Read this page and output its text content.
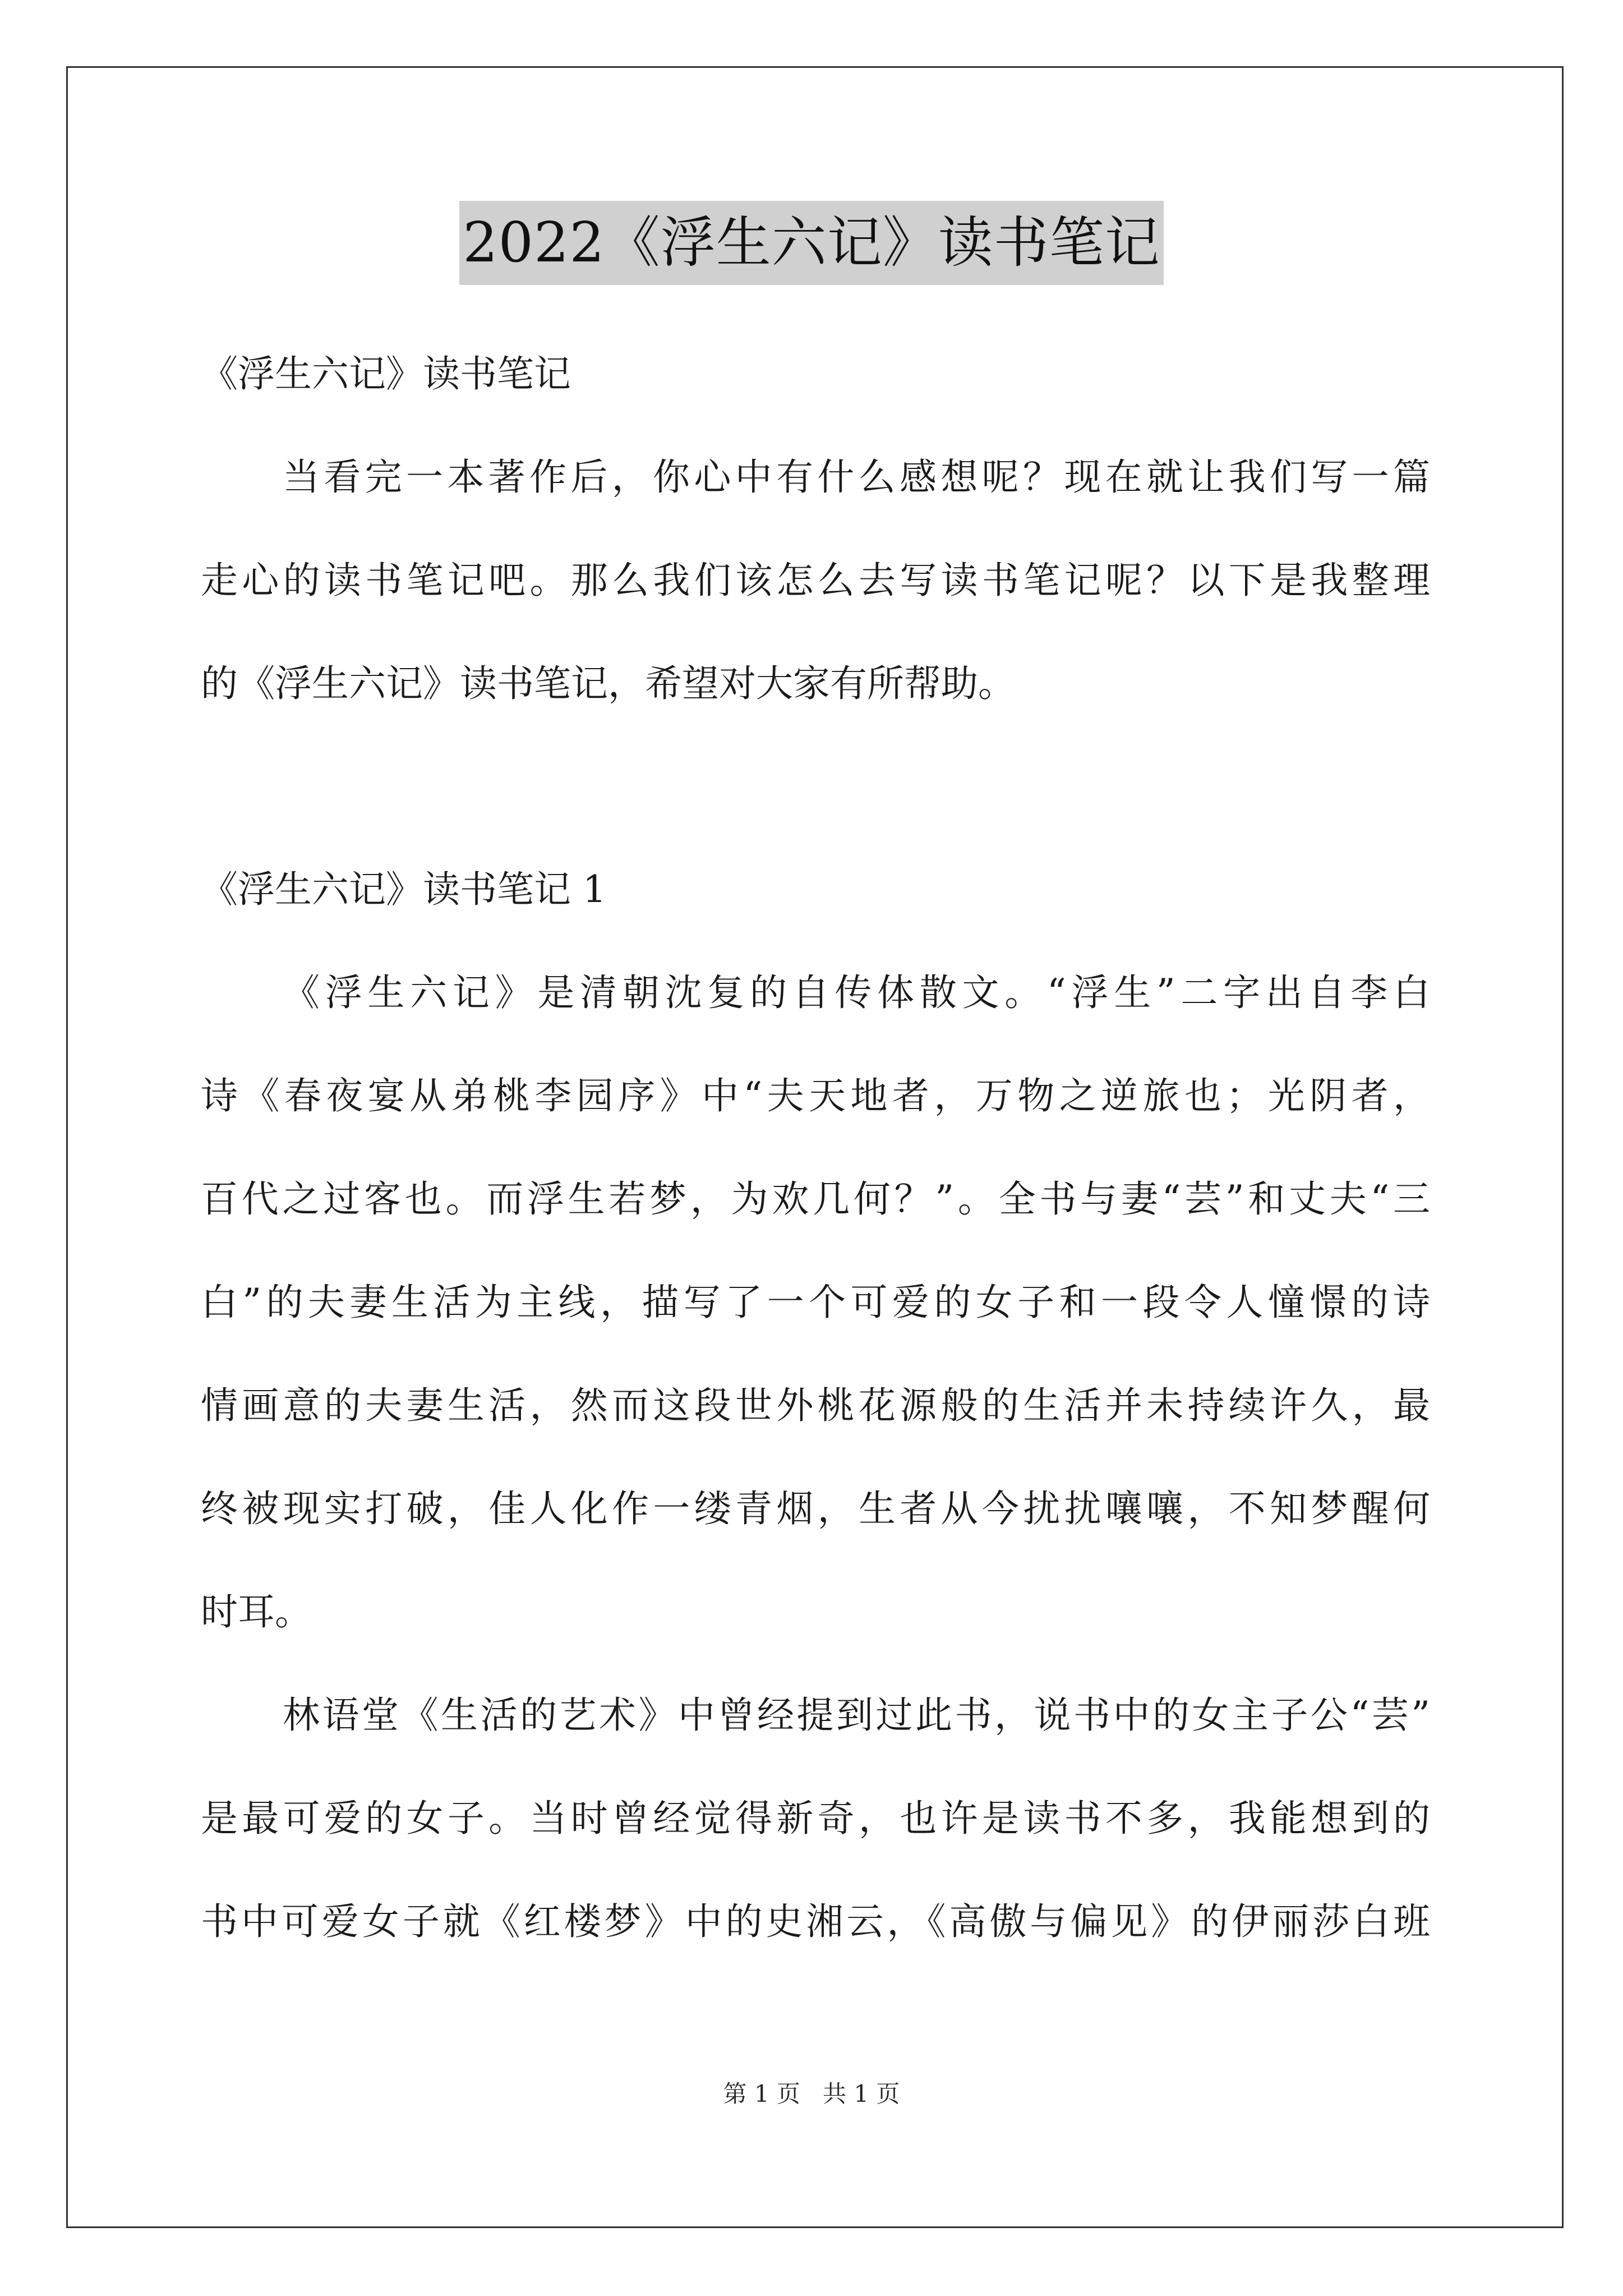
2022《浮生六记》读书笔记
《浮生六记》读书笔记
当看完一本著作后，你心中有什么感想呢？现在就让我们写一篇
走心的读书笔记吧。那么我们该怎么去写读书笔记呢？以下是我整理
的《浮生六记》读书笔记，希望对大家有所帮助。
《浮生六记》读书笔记 1
《浮生六记》是清朝沈复的自传体散文。“浮生”二字出自李白
诗《春夜宴从弟桃李园序》中“夫天地者，万物之逆旅也；光阴者，
百代之过客也。而浮生若梦，为欢几何？”。全书与妻“芸”和丈夫“三
白”的夫妻生活为主线，描写了一个可爱的女子和一段令人憧憬的诗
情画意的夫妻生活，然而这段世外桃花源般的生活并未持续许久，最
终被现实打破，佳人化作一缕青烟，生者从今扰扰嚷嚷，不知梦醒何
时耳。
林语堂《生活的艺术》中曾经提到过此书，说书中的女主子公“芸”
是最可爱的女子。当时曾经觉得新奇，也许是读书不多，我能想到的
书中可爱女子就《红楼梦》中的史湘云，《高傲与偏见》的伊丽莎白班
第 1 页 共 1 页
